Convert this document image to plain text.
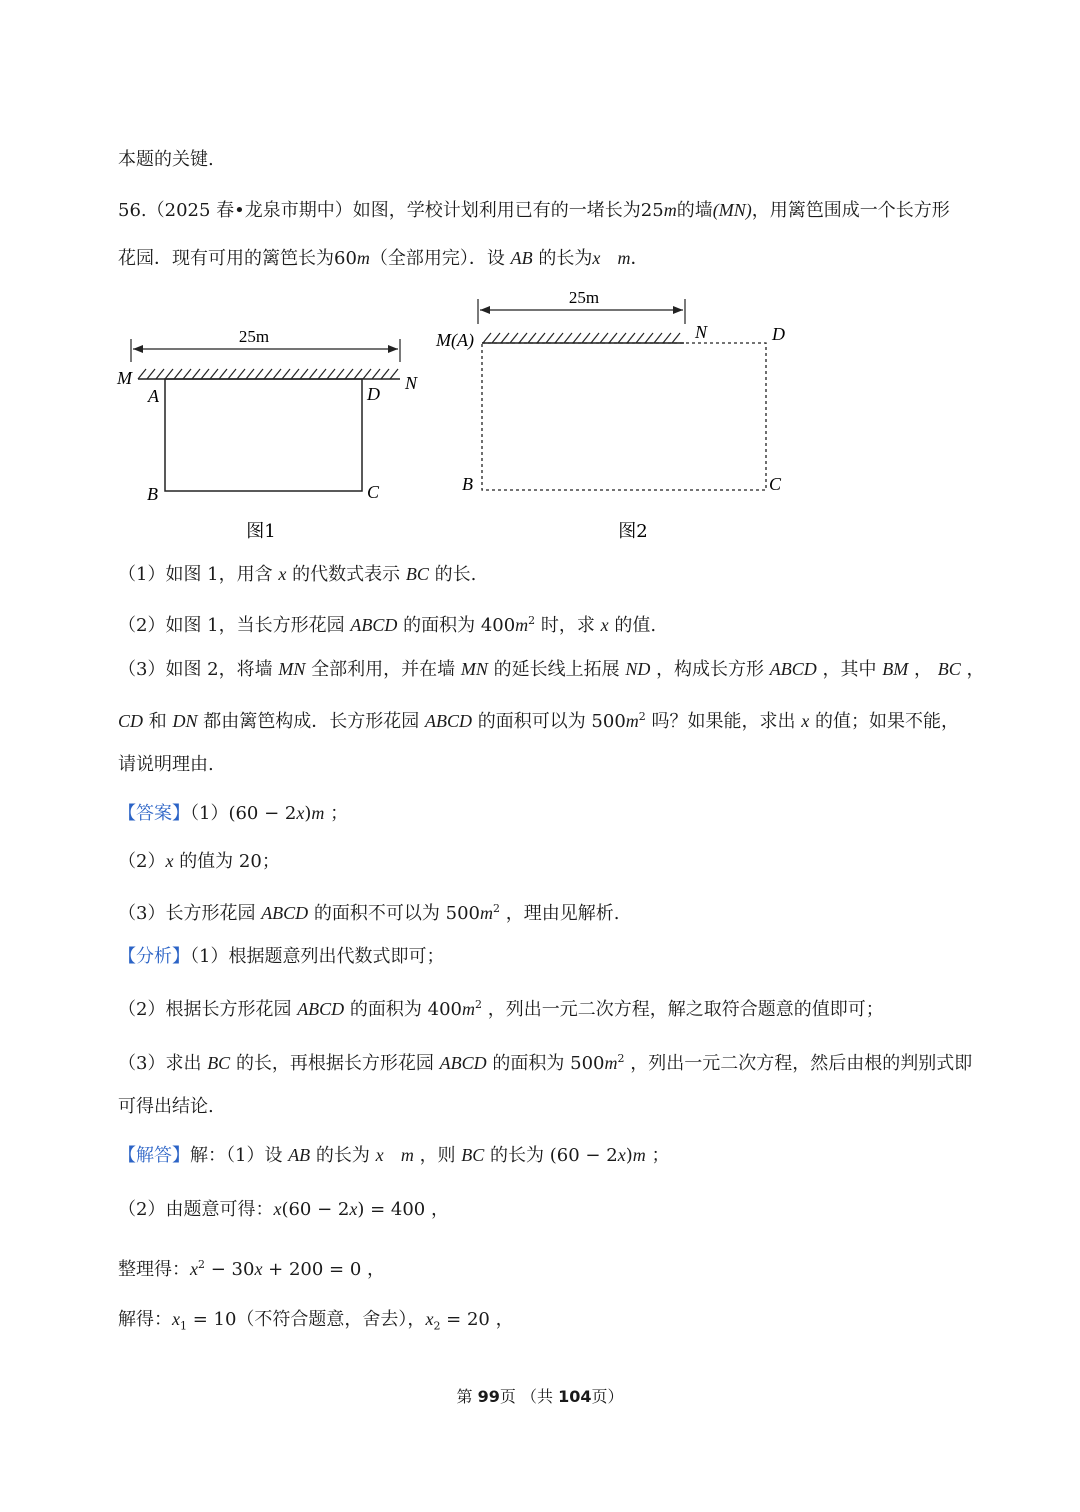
本题的关键.
56.（2025 春•龙泉市期中）如图，学校计划利用已有的一堵长为25m的墙(MN)，用篱笆围成一个长方形
花园．现有可用的篱笆长为60m（全部用完）．设 AB 的长为x m．
25m
M	N
A	D
B	C
图1
25m
M(A)	N	D
B	C
图2
（1）如图 1，用含 x 的代数式表示 BC 的长.
（2）如图 1，当长方形花园 ABCD 的面积为 $400m^2$ 时，求 x 的值.
（3）如图 2，将墙 MN 全部利用，并在墙 MN 的延长线上拓展 ND ，构成长方形 ABCD ，其中 BM ， BC ，
CD 和 DN 都由篱笆构成．长方形花园 ABCD 的面积可以为 $500m^2$ 吗？如果能，求出 x 的值；如果不能，
请说明理由.
【答案】（1）(60 − 2x)m ；
（2）x 的值为 20；
（3）长方形花园 ABCD 的面积不可以为 $500m^2$ ，理由见解析.
【分析】（1）根据题意列出代数式即可；
（2）根据长方形花园 ABCD 的面积为 $400m^2$ ，列出一元二次方程，解之取符合题意的值即可；
（3）求出 BC 的长，再根据长方形花园 ABCD 的面积为 $500m^2$ ，列出一元二次方程，然后由根的判别式即
可得出结论.
【解答】解：（1）设 AB 的长为 x m ，则 BC 的长为 (60 − 2x)m ；
（2）由题意可得：x(60 − 2x) = 400 ，
整理得：$x^2 - 30x + 200 = 0$ ，
解得：$x_1 = 10$（不符合题意，舍去），$x_2 = 20$ ，
第 99页 （共 104页）
